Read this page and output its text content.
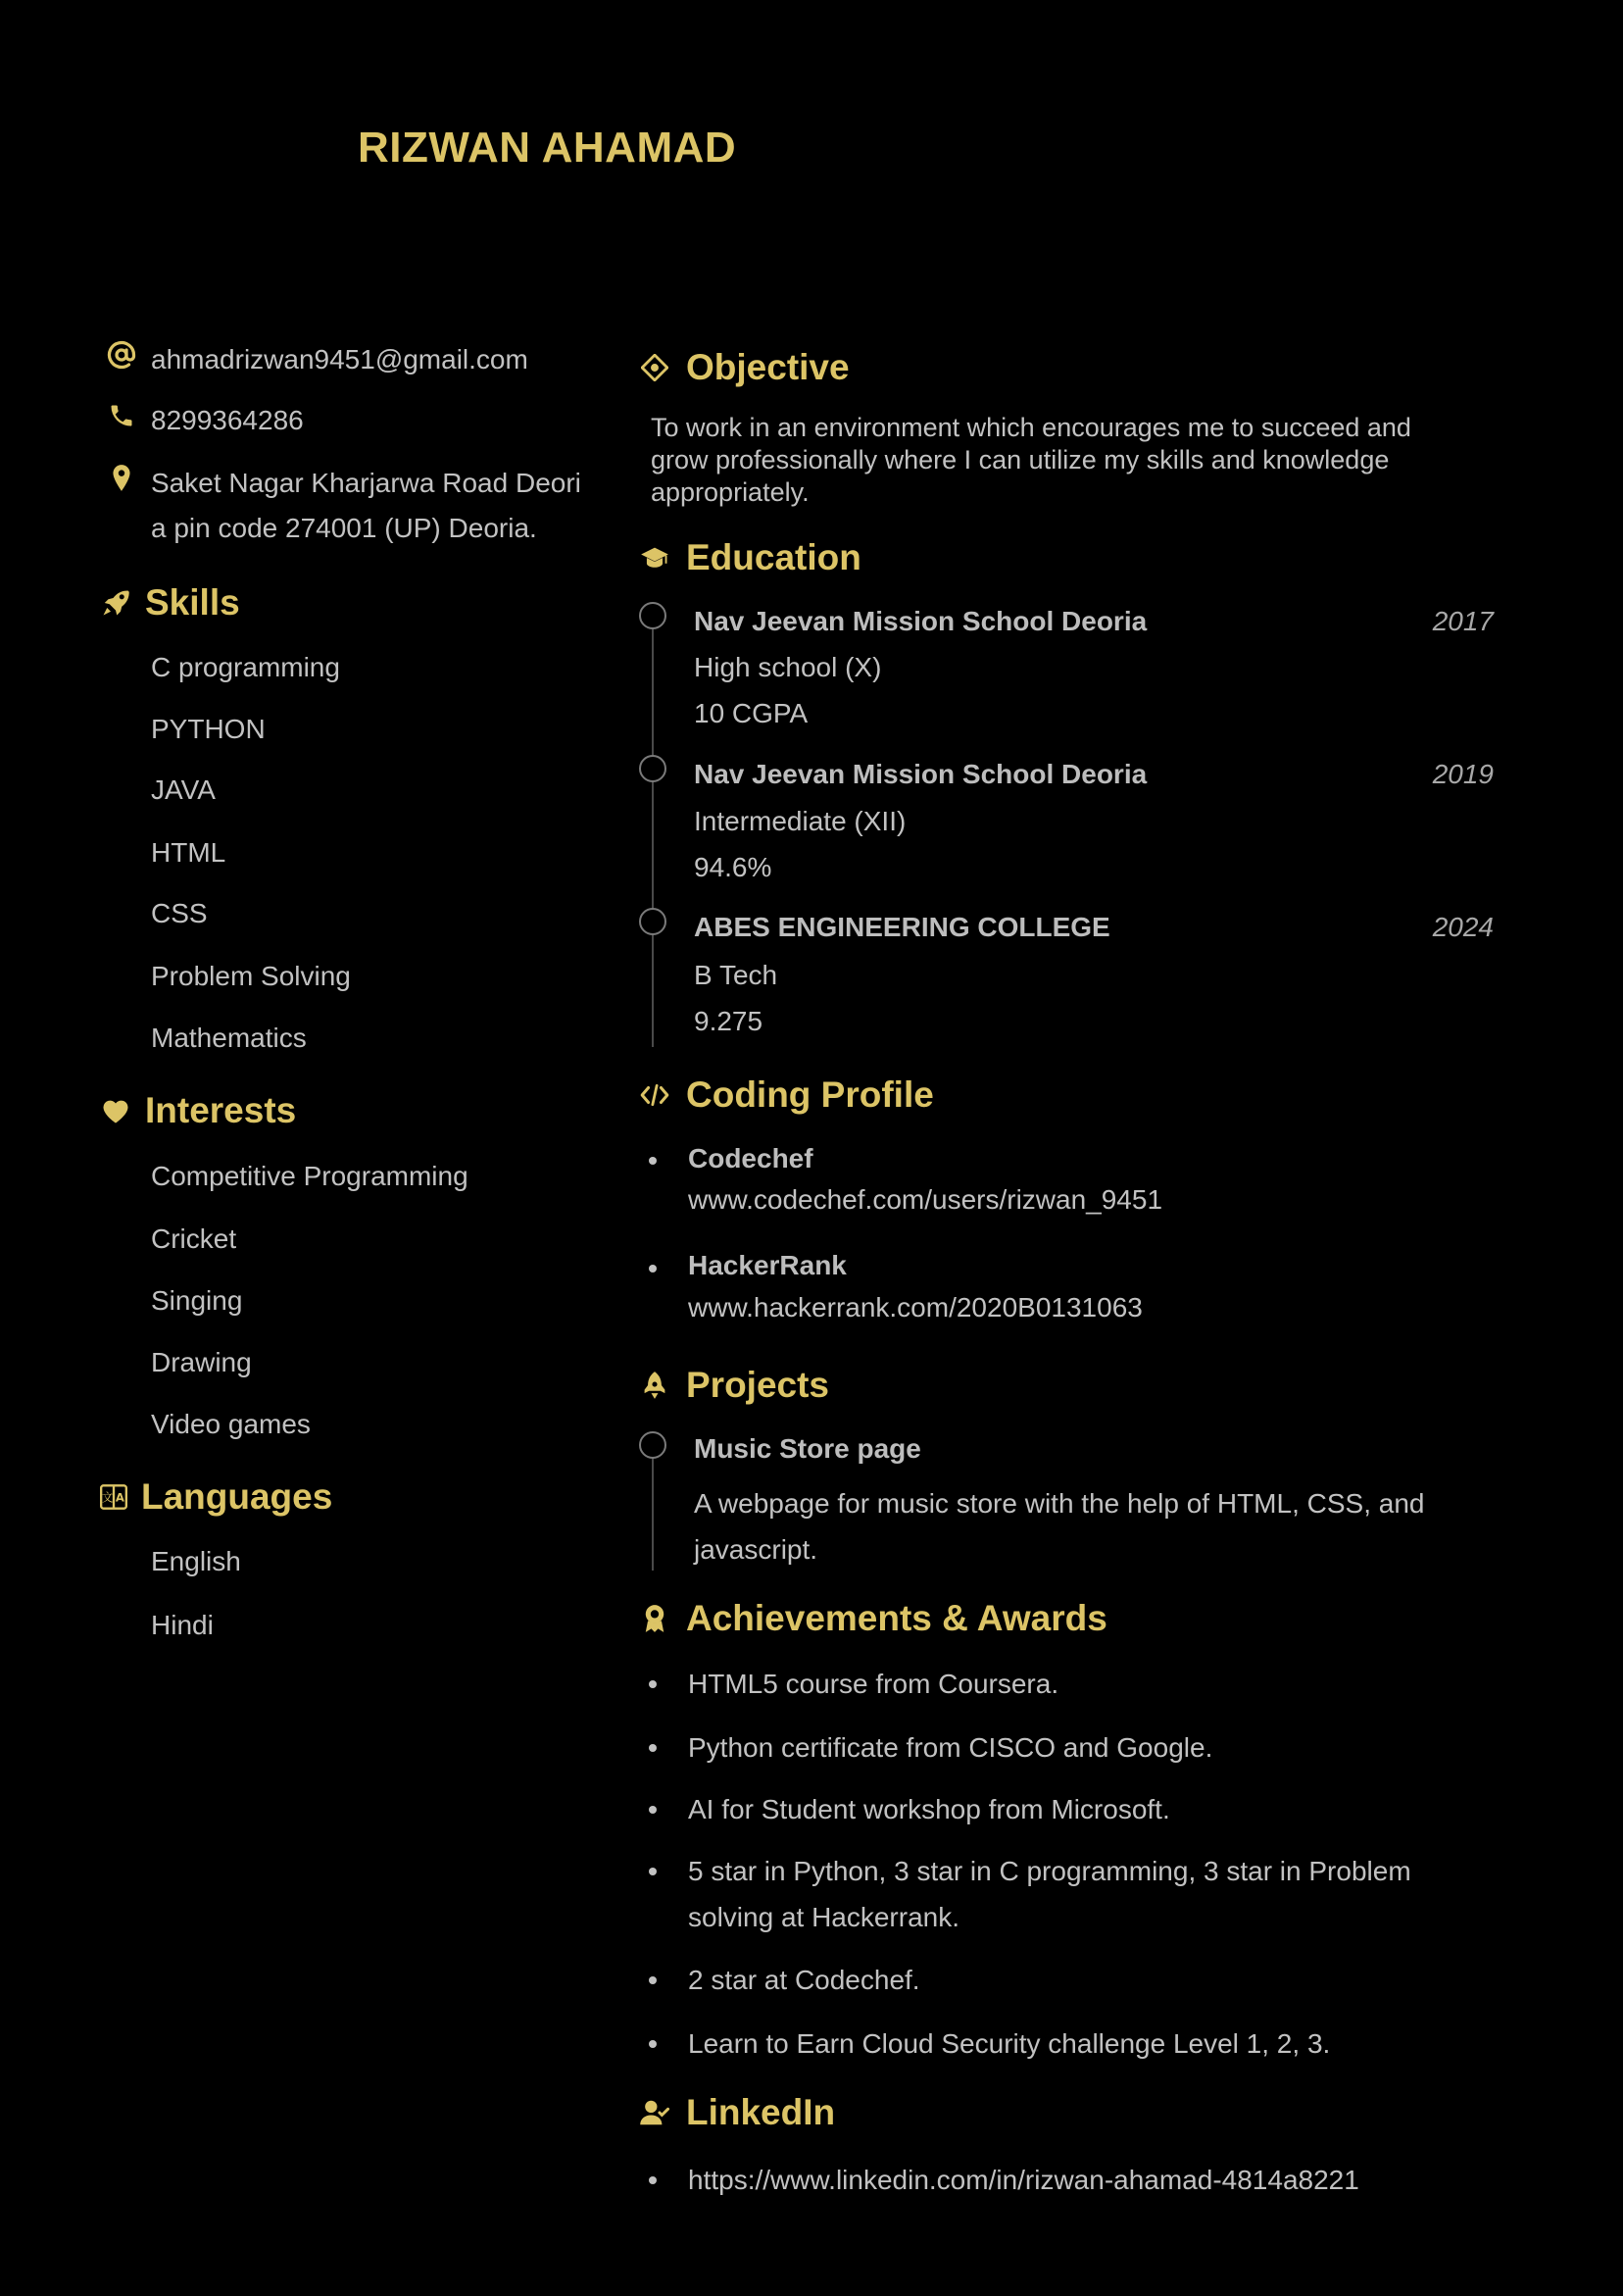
RIZWAN AHAMAD
ahmadrizwan9451@gmail.com
8299364286
Saket Nagar Kharjarwa Road Deori
a pin code 274001 (UP) Deoria.
Skills
C programming
PYTHON
JAVA
HTML
CSS
Problem Solving
Mathematics
Interests
Competitive Programming
Cricket
Singing
Drawing
Video games
文 A Languages
English
Hindi
Objective
To work in an environment which encourages me to succeed and
grow professionally where I can utilize my skills and knowledge
appropriately.
Education
Nav Jeevan Mission School Deoria	2017
High school (X)
10 CGPA
Nav Jeevan Mission School Deoria	2019
Intermediate (XII)
94.6%
ABES ENGINEERING COLLEGE	2024
B Tech
9.275
Coding Profile
Codechef
www.codechef.com/users/rizwan_9451
HackerRank
www.hackerrank.com/2020B0131063
Projects
Music Store page
A webpage for music store with the help of HTML, CSS, and
javascript.
Achievements & Awards
HTML5 course from Coursera.
Python certificate from CISCO and Google.
AI for Student workshop from Microsoft.
5 star in Python, 3 star in C programming, 3 star in Problem solving at Hackerrank.
2 star at Codechef.
Learn to Earn Cloud Security challenge Level 1, 2, 3.
LinkedIn
https://www.linkedin.com/in/rizwan-ahamad-4814a8221
